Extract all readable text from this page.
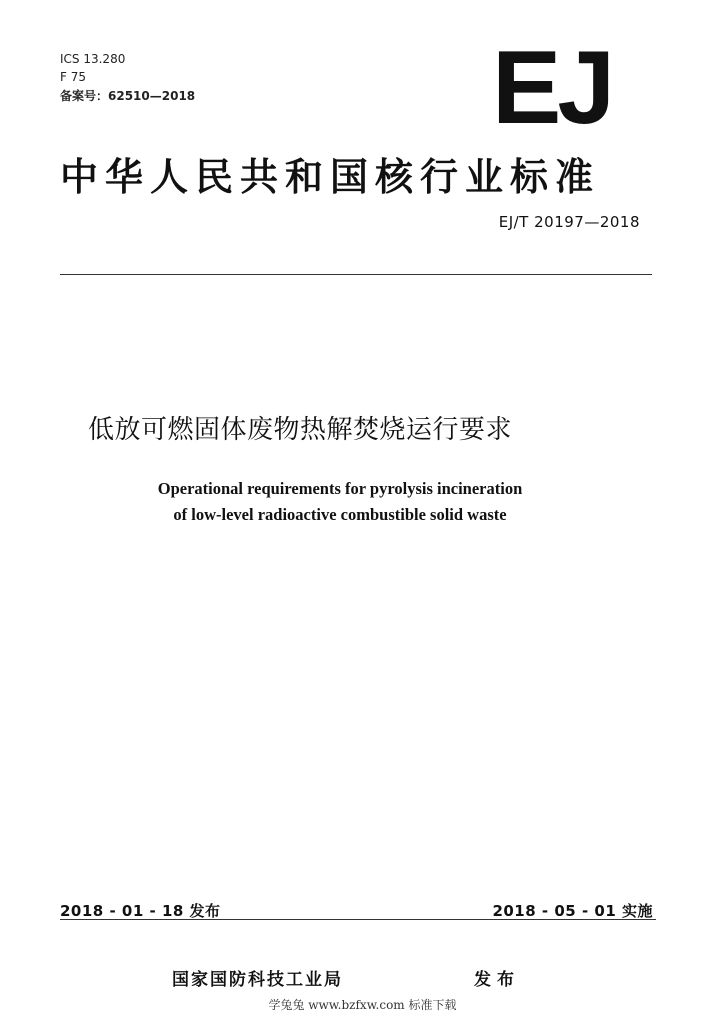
ICS 13.280
F 75
备案号：62510—2018	EJ
中华人民共和国核行业标准
EJ/T 20197—2018
低放可燃固体废物热解焚烧运行要求
Operational requirements for pyrolysis incineration
of low-level radioactive combustible solid waste
2018 - 01 - 18 发布	2018 - 05 - 01 实施
国家国防科技工业局	发布
学兔兔 www.bzfxw.com 标准下载
